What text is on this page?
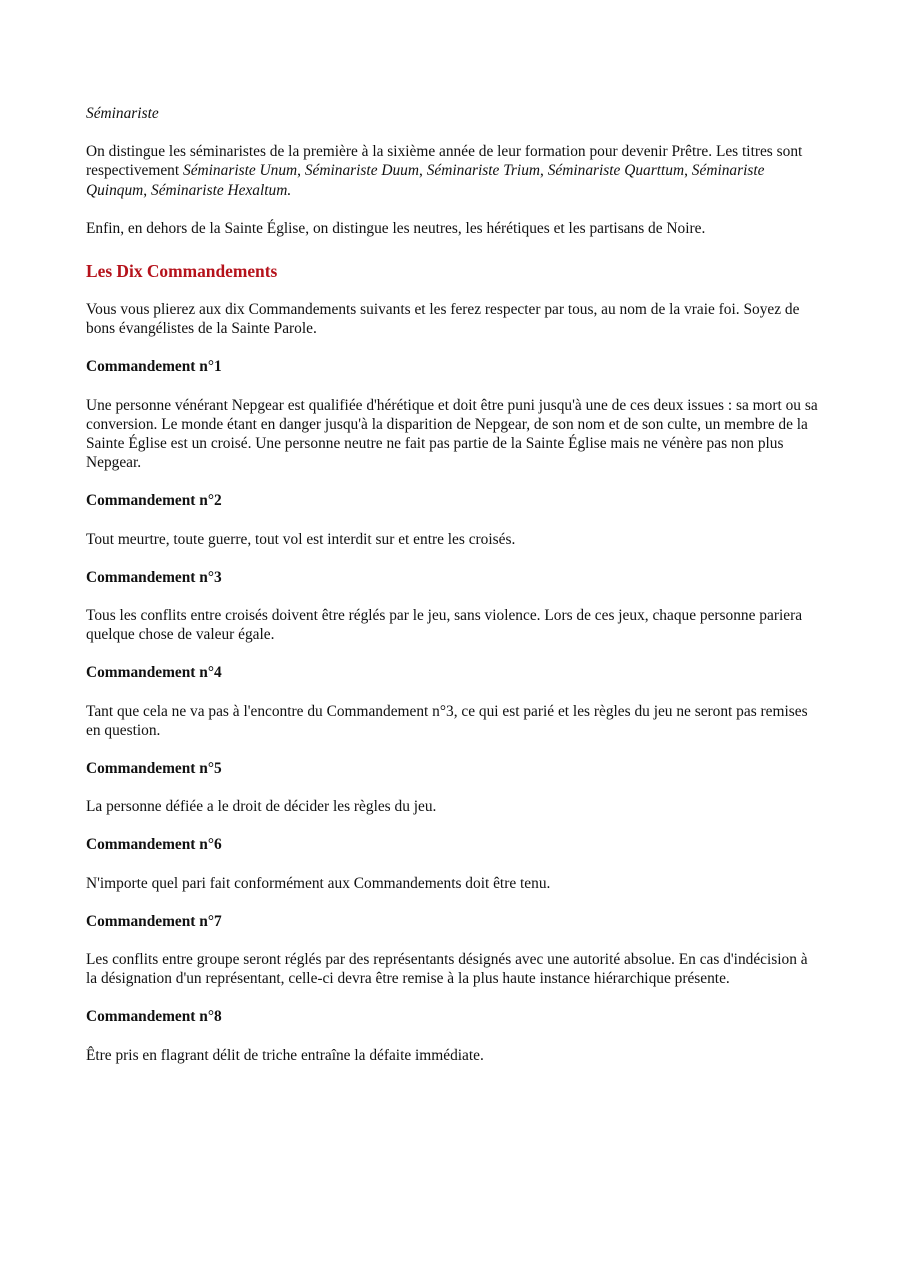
Séminariste

On distingue les séminaristes de la première à la sixième année de leur formation pour devenir Prêtre. Les titres sont respectivement Séminariste Unum, Séminariste Duum, Séminariste Trium, Séminariste Quarttum, Séminariste Quinqum, Séminariste Hexaltum.

Enfin, en dehors de la Sainte Église, on distingue les neutres, les hérétiques et les partisans de Noire.

Les Dix Commandements

Vous vous plierez aux dix Commandements suivants et les ferez respecter par tous, au nom de la vraie foi. Soyez de bons évangélistes de la Sainte Parole.

Commandement n°1

Une personne vénérant Nepgear est qualifiée d'hérétique et doit être puni jusqu'à une de ces deux issues : sa mort ou sa conversion. Le monde étant en danger jusqu'à la disparition de Nepgear, de son nom et de son culte, un membre de la Sainte Église est un croisé. Une personne neutre ne fait pas partie de la Sainte Église mais ne vénère pas non plus Nepgear.

Commandement n°2

Tout meurtre, toute guerre, tout vol est interdit sur et entre les croisés.

Commandement n°3

Tous les conflits entre croisés doivent être réglés par le jeu, sans violence. Lors de ces jeux, chaque personne pariera quelque chose de valeur égale.

Commandement n°4

Tant que cela ne va pas à l'encontre du Commandement n°3, ce qui est parié et les règles du jeu ne seront pas remises en question.

Commandement n°5

La personne défiée a le droit de décider les règles du jeu.

Commandement n°6

N'importe quel pari fait conformément aux Commandements doit être tenu.

Commandement n°7

Les conflits entre groupe seront réglés par des représentants désignés avec une autorité absolue. En cas d'indécision à la désignation d'un représentant, celle-ci devra être remise à la plus haute instance hiérarchique présente.

Commandement n°8

Être pris en flagrant délit de triche entraîne la défaite immédiate.
